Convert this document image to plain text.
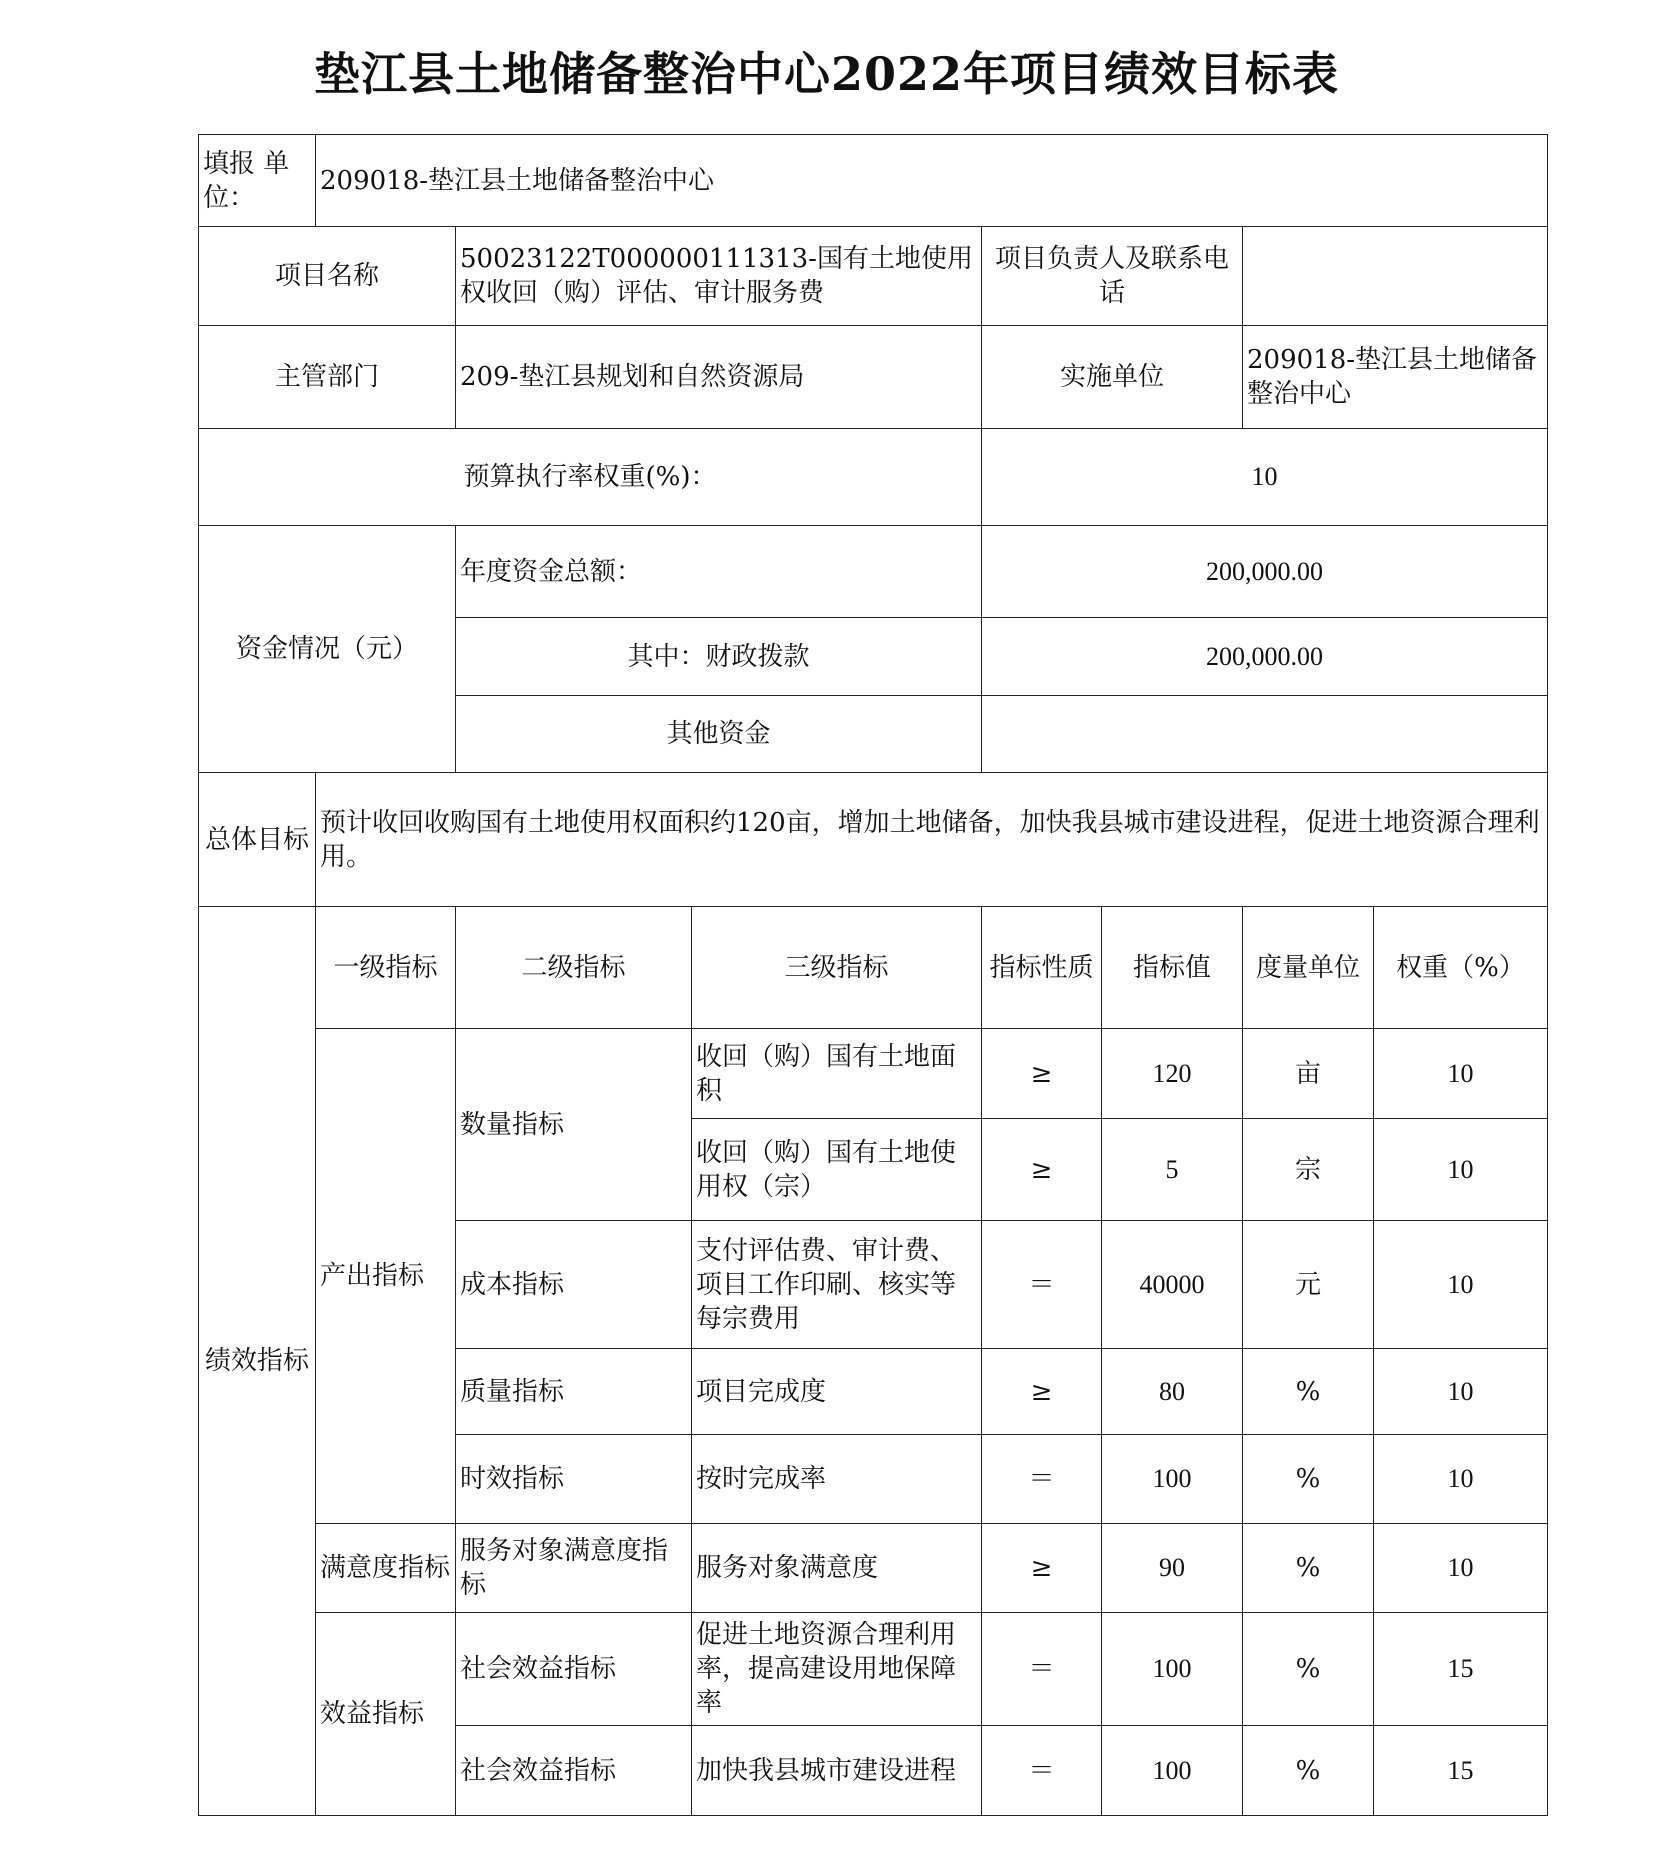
垫江县土地储备整治中心2022年项目绩效目标表
填报 单位：	209018-垫江县土地储备整治中心						
项目名称		50023122T000000111313-国有土地使用权收回（购）评估、审计服务费		项目负责人及联系电话			
主管部门		209-垫江县规划和自然资源局		实施单位		209018-垫江县土地储备整治中心	
预算执行率权重(%)：				10			
资金情况（元）		年度资金总额：		200,000.00			
		其中：财政拨款		200,000.00			
		其他资金					
总体目标	预计收回收购国有土地使用权面积约120亩，增加土地储备，加快我县城市建设进程，促进土地资源合理利用。						
绩效指标	一级指标	二级指标	三级指标	指标性质	指标值	度量单位	权重（%）
	产出指标	数量指标	收回（购）国有土地面积	≥	120	亩	10
			收回（购）国有土地使用权（宗）	≥	5	宗	10
		成本指标	支付评估费、审计费、项目工作印刷、核实等每宗费用	＝	40000	元	10
		质量指标	项目完成度	≥	80	%	10
		时效指标	按时完成率	＝	100	%	10
	满意度指标	服务对象满意度指标	服务对象满意度	≥	90	%	10
	效益指标	社会效益指标	促进土地资源合理利用率，提高建设用地保障率	＝	100	%	15
		社会效益指标	加快我县城市建设进程	＝	100	%	15
